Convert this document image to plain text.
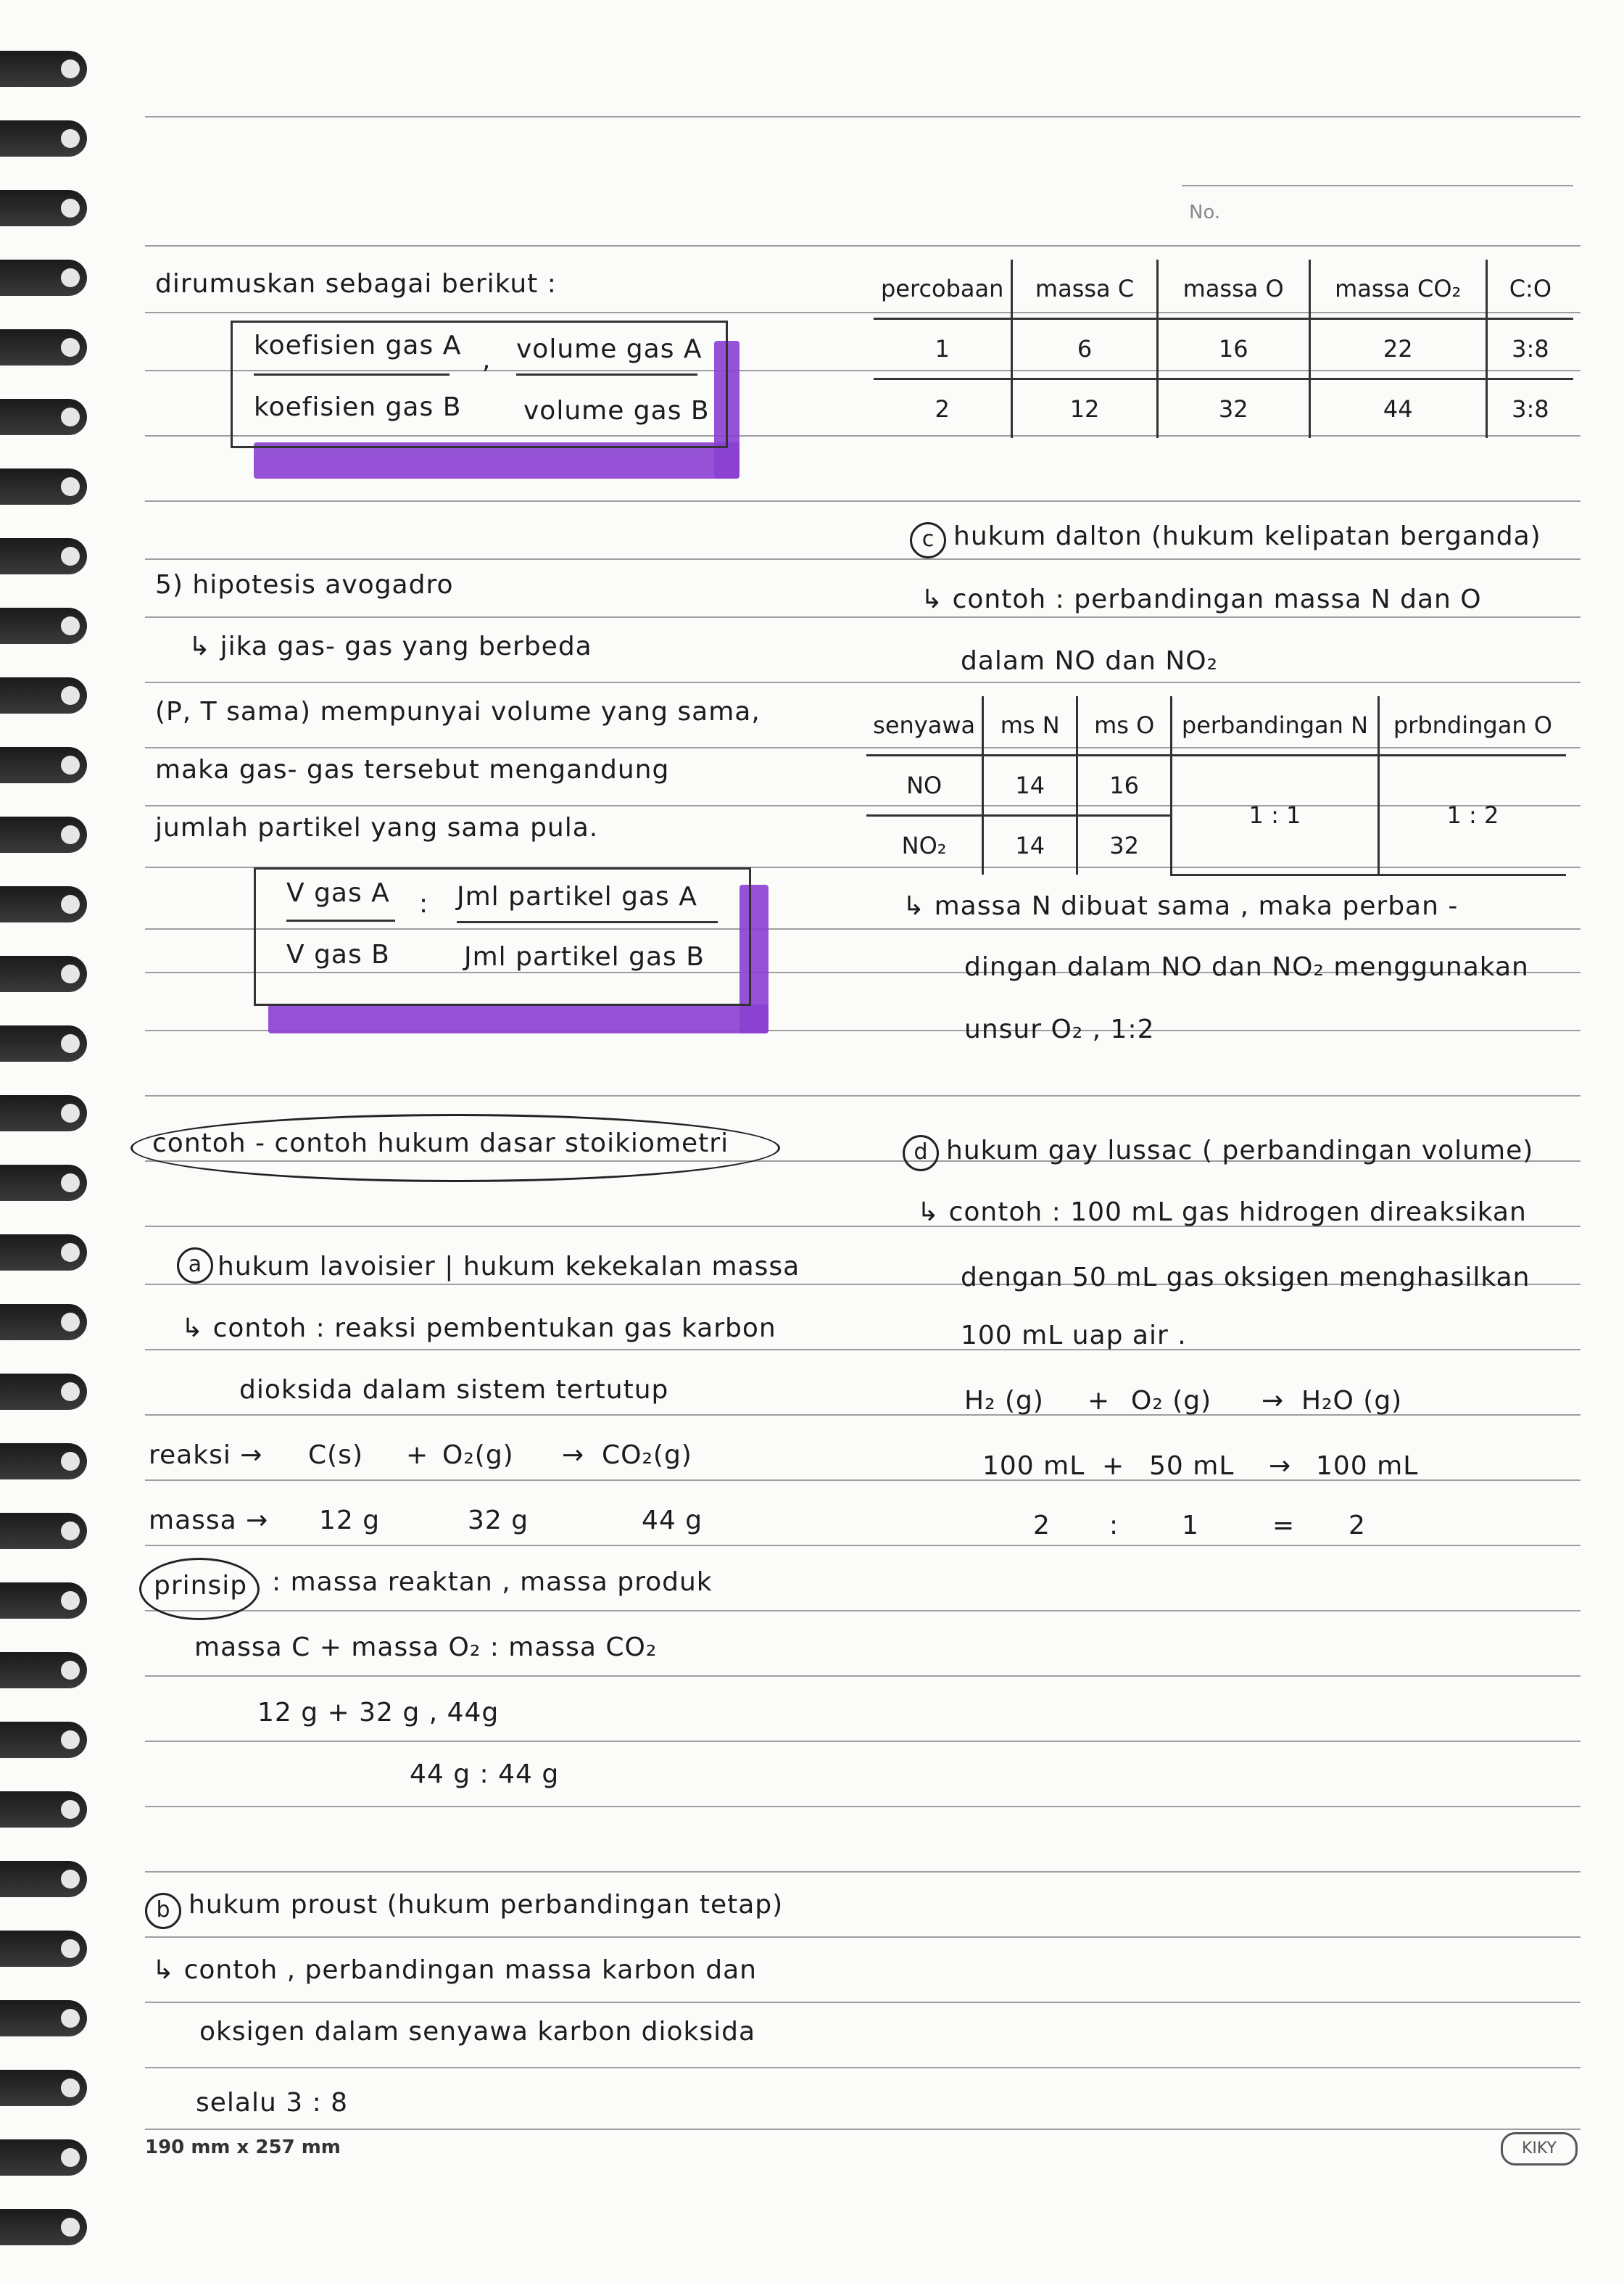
No.
dirumuskan sebagai berikut :
koefisien gas A
koefisien gas B
, volume gas A
volume gas B
5) hipotesis avogadro
↳ jika gas- gas yang berbeda
(P, T sama) mempunyai volume yang sama,
maka gas- gas tersebut mengandung
jumlah partikel yang sama pula.
V gas A
V gas B
: Jml partikel gas A
Jml partikel gas B
contoh - contoh hukum dasar stoikiometri
a hukum lavoisier | hukum kekekalan massa
↳ contoh : reaksi pembentukan gas karbon
dioksida dalam sistem tertutup
reaksi → C(s) + O₂(g) → CO₂(g)
massa → 12 g	32 g	44 g
prinsip : massa reaktan , massa produk
massa C + massa O₂ : massa CO₂
12 g + 32 g , 44g
44 g : 44 g
b hukum proust (hukum perbandingan tetap)
↳ contoh , perbandingan massa karbon dan
oksigen dalam senyawa karbon dioksida
selalu 3 : 8
percobaan	massa C	massa O	massa CO₂	C:O
1	6	16	22	3:8
2	12	32	44	3:8
c hukum dalton (hukum kelipatan berganda)
↳ contoh : perbandingan massa N dan O
dalam NO dan NO₂
senyawa	ms N	ms O	perbandingan N	prbndingan O
NO	14	16	1 : 1	1 : 2
NO₂	14	32		
↳ massa N dibuat sama , maka perban -
dingan dalam NO dan NO₂ menggunakan
unsur O₂ , 1:2
d hukum gay lussac ( perbandingan volume)
↳ contoh : 100 mL gas hidrogen direaksikan
dengan 50 mL gas oksigen menghasilkan
100 mL uap air .
H₂ (g) + O₂ (g) → H₂O (g)
100 mL + 50 mL → 100 mL
2 : 1	= 2
190 mm x 257 mm	KIKY
